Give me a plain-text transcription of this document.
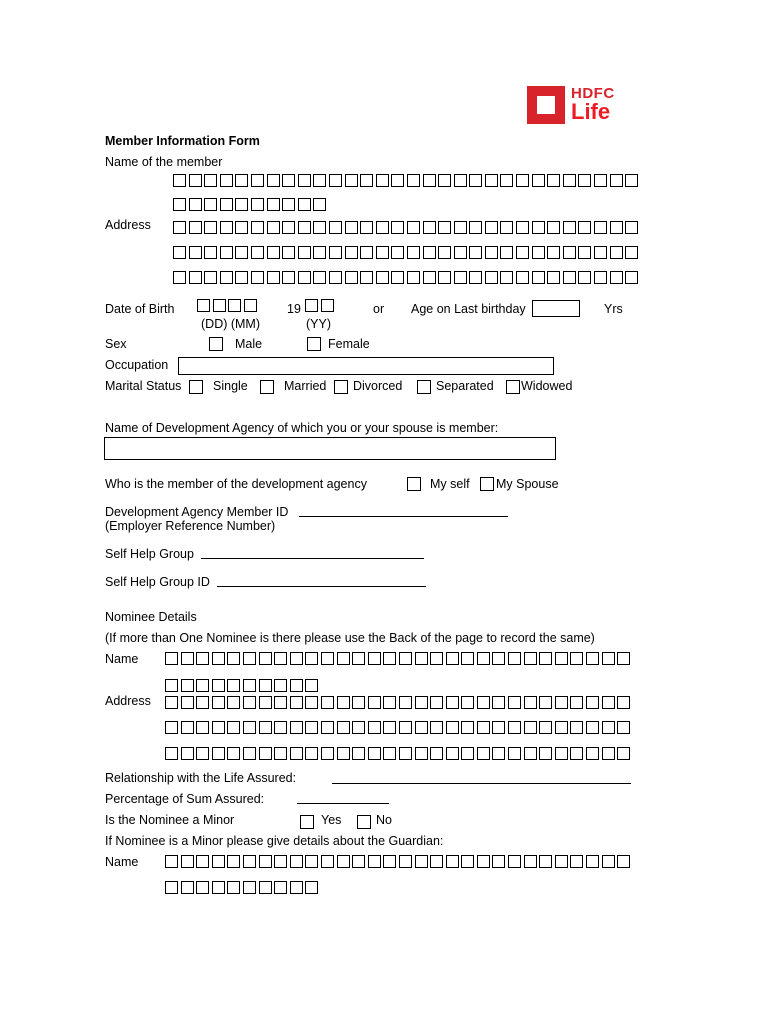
HDFC
Life
Member Information Form
Name of the member
Address
Date of Birth
(DD) (MM)
19
(YY)
or Age on Last birthday	Yrs
Sex	Male	Female
Occupation
Marital Status	Single	Married Divorced	Separated Widowed
Name of Development Agency of which you or your spouse is member:
Who is the member of the development agency	My self My Spouse
Development Agency Member ID
(Employer Reference Number)
Self Help Group
Self Help Group ID
Nominee Details
(If more than One Nominee is there please use the Back of the page to record the same)
Name
Address
Relationship with the Life Assured:
Percentage of Sum Assured:
Is the Nominee a Minor	Yes	No
If Nominee is a Minor please give details about the Guardian:
Name
